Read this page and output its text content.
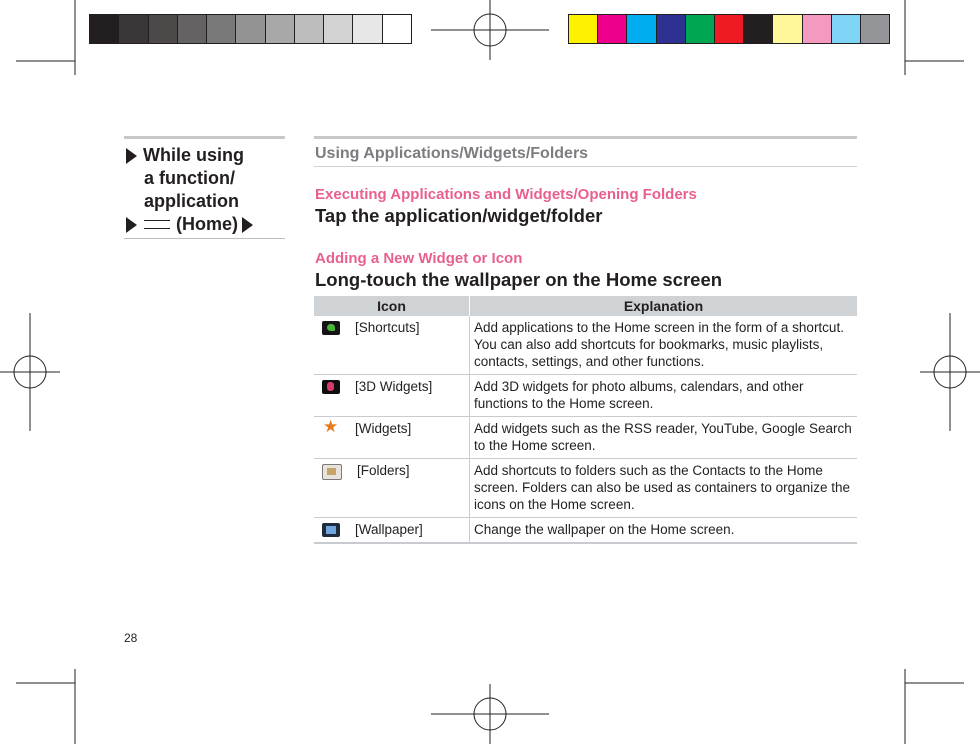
While using
a function/
application
(Home)
28
Using Applications/Widgets/Folders
Executing Applications and Widgets/Opening Folders
Tap the application/widget/folder
Adding a New Widget or Icon
Long-touch the wallpaper on the Home screen
Icon	Explanation

[Shortcuts]	Add applications to the Home screen in the form of a shortcut. You can also add shortcuts for bookmarks, music playlists, contacts, settings, and other functions.

[3D Widgets]	Add 3D widgets for photo albums, calendars, and other functions to the Home screen.

★
[Widgets]	Add widgets such as the RSS reader, YouTube, Google Search to the Home screen.

[Folders]	Add shortcuts to folders such as the Contacts to the Home screen. Folders can also be used as containers to organize the icons on the Home screen.

[Wallpaper]	Change the wallpaper on the Home screen.
